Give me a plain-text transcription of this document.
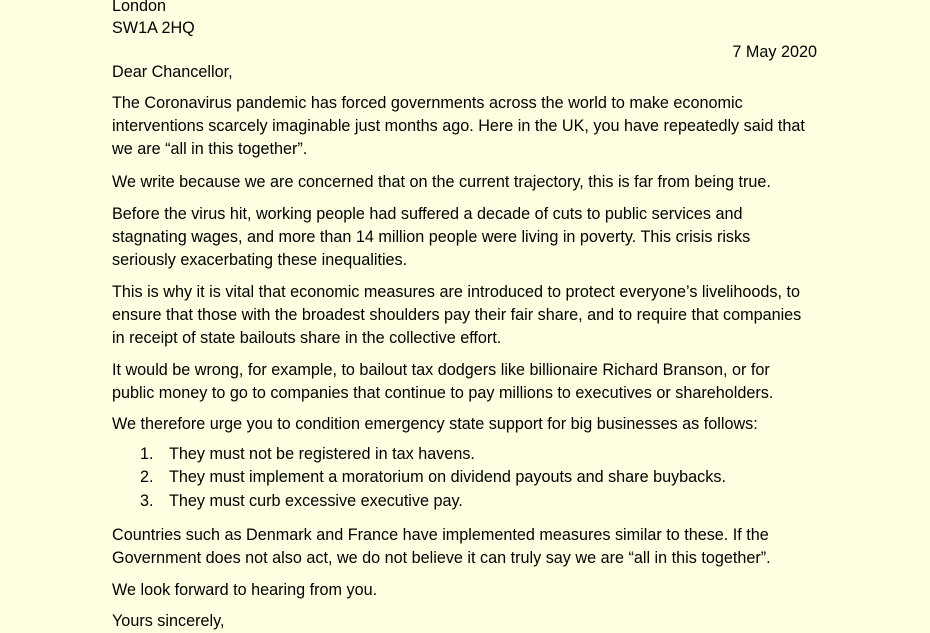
London
SW1A 2HQ
7 May 2020
Dear Chancellor,
The Coronavirus pandemic has forced governments across the world to make economic
interventions scarcely imaginable just months ago. Here in the UK, you have repeatedly said that
we are “all in this together”.
We write because we are concerned that on the current trajectory, this is far from being true.
Before the virus hit, working people had suffered a decade of cuts to public services and
stagnating wages, and more than 14 million people were living in poverty. This crisis risks
seriously exacerbating these inequalities.
This is why it is vital that economic measures are introduced to protect everyone’s livelihoods, to
ensure that those with the broadest shoulders pay their fair share, and to require that companies
in receipt of state bailouts share in the collective effort.
It would be wrong, for example, to bailout tax dodgers like billionaire Richard Branson, or for
public money to go to companies that continue to pay millions to executives or shareholders.
We therefore urge you to condition emergency state support for big businesses as follows:
1. They must not be registered in tax havens.
2. They must implement a moratorium on dividend payouts and share buybacks.
3. They must curb excessive executive pay.
Countries such as Denmark and France have implemented measures similar to these. If the
Government does not also act, we do not believe it can truly say we are “all in this together”.
We look forward to hearing from you.
Yours sincerely,
